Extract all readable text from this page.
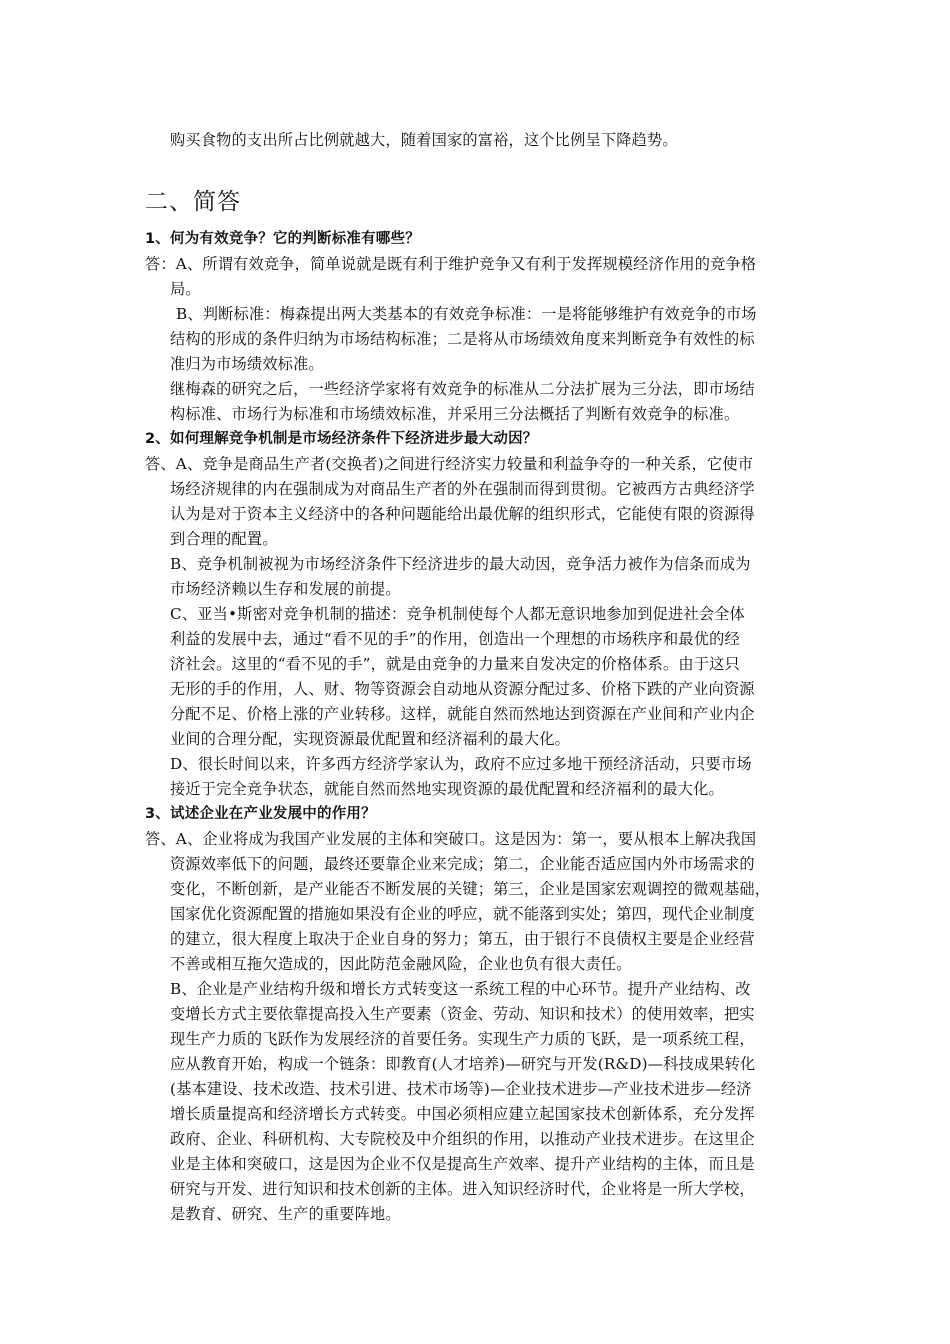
购买食物的支出所占比例就越大，随着国家的富裕，这个比例呈下降趋势。
二、简答
1、何为有效竞争？它的判断标准有哪些？
答：A、所谓有效竞争，简单说就是既有利于维护竞争又有利于发挥规模经济作用的竞争格
局。
B、判断标准：梅森提出两大类基本的有效竞争标准：一是将能够维护有效竞争的市场
结构的形成的条件归纳为市场结构标准；二是将从市场绩效角度来判断竞争有效性的标
准归为市场绩效标准。
继梅森的研究之后，一些经济学家将有效竞争的标准从二分法扩展为三分法，即市场结
构标准、市场行为标准和市场绩效标准，并采用三分法概括了判断有效竞争的标准。
2、如何理解竞争机制是市场经济条件下经济进步最大动因？
答、A、竞争是商品生产者(交换者)之间进行经济实力较量和利益争夺的一种关系，它使市
场经济规律的内在强制成为对商品生产者的外在强制而得到贯彻。它被西方古典经济学
认为是对于资本主义经济中的各种问题能给出最优解的组织形式，它能使有限的资源得
到合理的配置。
B、竞争机制被视为市场经济条件下经济进步的最大动因，竞争活力被作为信条而成为
市场经济赖以生存和发展的前提。
C、亚当•斯密对竞争机制的描述：竞争机制使每个人都无意识地参加到促进社会全体
利益的发展中去，通过“看不见的手”的作用，创造出一个理想的市场秩序和最优的经
济社会。这里的“看不见的手”，就是由竞争的力量来自发决定的价格体系。由于这只
无形的手的作用，人、财、物等资源会自动地从资源分配过多、价格下跌的产业向资源
分配不足、价格上涨的产业转移。这样，就能自然而然地达到资源在产业间和产业内企
业间的合理分配，实现资源最优配置和经济福利的最大化。
D、很长时间以来，许多西方经济学家认为，政府不应过多地干预经济活动，只要市场
接近于完全竞争状态，就能自然而然地实现资源的最优配置和经济福利的最大化。
3、试述企业在产业发展中的作用？
答、A、企业将成为我国产业发展的主体和突破口。这是因为：第一，要从根本上解决我国
资源效率低下的问题，最终还要靠企业来完成；第二，企业能否适应国内外市场需求的
变化，不断创新，是产业能否不断发展的关键；第三，企业是国家宏观调控的微观基础，
国家优化资源配置的措施如果没有企业的呼应，就不能落到实处；第四，现代企业制度
的建立，很大程度上取决于企业自身的努力；第五，由于银行不良债权主要是企业经营
不善或相互拖欠造成的，因此防范金融风险，企业也负有很大责任。
B、企业是产业结构升级和增长方式转变这一系统工程的中心环节。提升产业结构、改
变增长方式主要依靠提高投入生产要素（资金、劳动、知识和技术）的使用效率，把实
现生产力质的飞跃作为发展经济的首要任务。实现生产力质的飞跃，是一项系统工程，
应从教育开始，构成一个链条：即教育(人才培养)—研究与开发(R&D)—科技成果转化
(基本建设、技术改造、技术引进、技术市场等)—企业技术进步—产业技术进步—经济
增长质量提高和经济增长方式转变。中国必须相应建立起国家技术创新体系，充分发挥
政府、企业、科研机构、大专院校及中介组织的作用，以推动产业技术进步。在这里企
业是主体和突破口，这是因为企业不仅是提高生产效率、提升产业结构的主体，而且是
研究与开发、进行知识和技术创新的主体。进入知识经济时代，企业将是一所大学校，
是教育、研究、生产的重要阵地。
